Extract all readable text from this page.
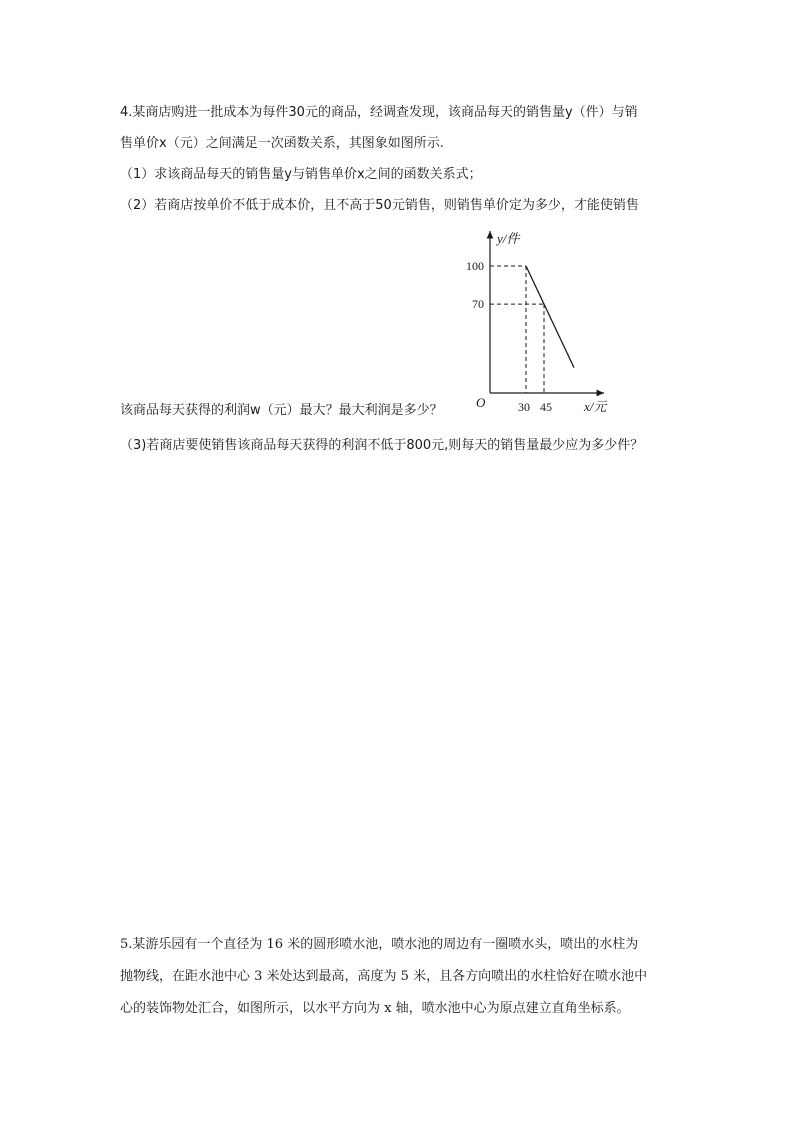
4.某商店购进一批成本为每件30元的商品，经调查发现，该商品每天的销售量y（件）与销
售单价x（元）之间满足一次函数关系，其图象如图所示.
（1）求该商品每天的销售量y与销售单价x之间的函数关系式；
（2）若商店按单价不低于成本价，且不高于50元销售，则销售单价定为多少，才能使销售
该商品每天获得的利润w（元）最大？最大利润是多少？
（3)若商店要使销售该商品每天获得的利润不低于800元,则每天的销售量最少应为多少件？
5.某游乐园有一个直径为 16 米的圆形喷水池，喷水池的周边有一圈喷水头，喷出的水柱为
抛物线，在距水池中心 3 米处达到最高，高度为 5 米，且各方向喷出的水柱恰好在喷水池中
心的装饰物处汇合，如图所示，以水平方向为 x 轴，喷水池中心为原点建立直角坐标系。
y/件
x/元
O
100
70
30 45
